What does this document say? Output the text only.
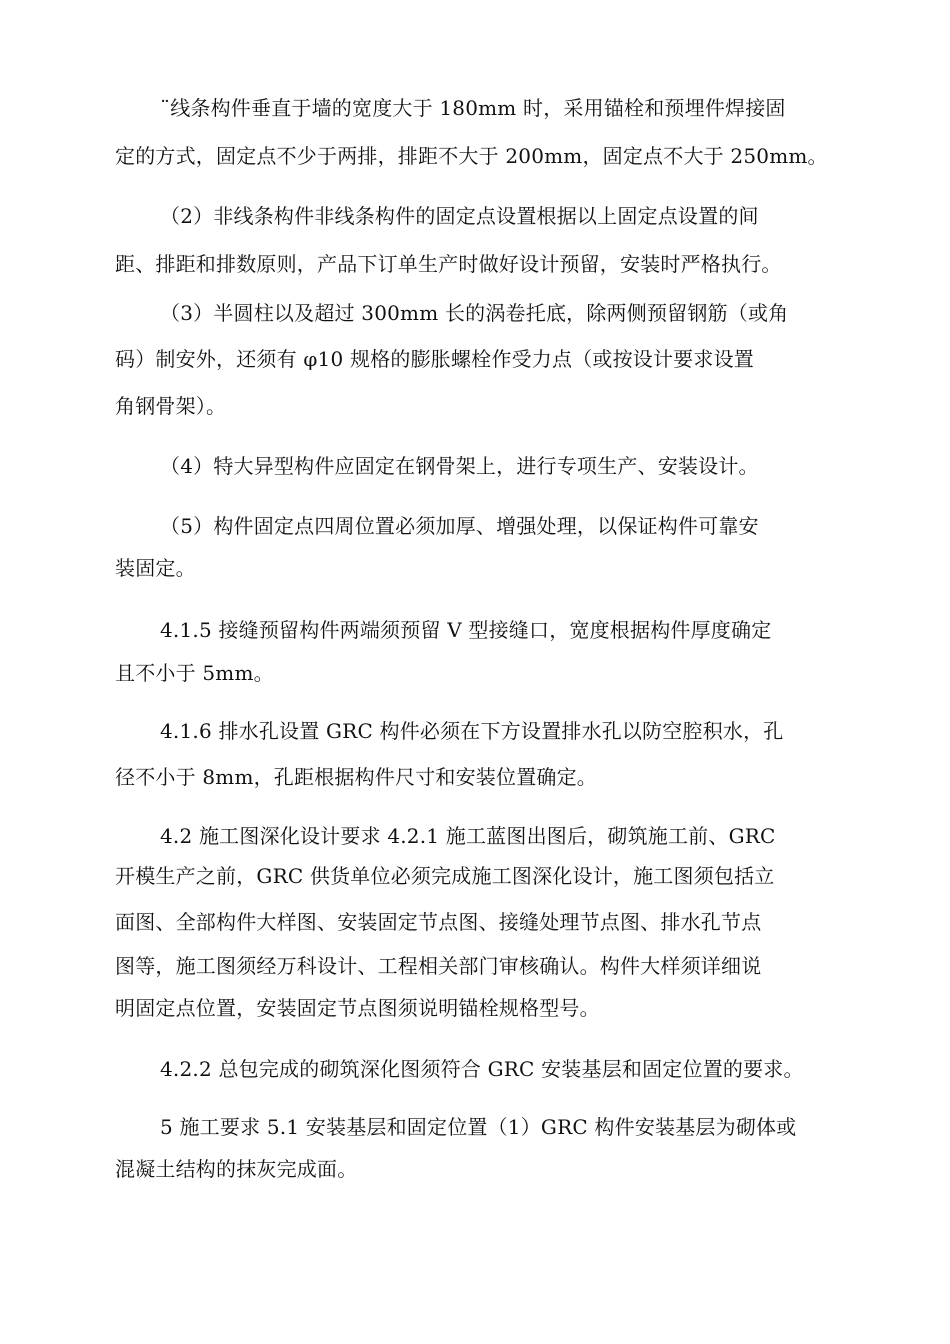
¨线条构件垂直于墙的宽度大于 180mm 时，采用锚栓和预埋件焊接固
定的方式，固定点不少于两排，排距不大于 200mm，固定点不大于 250mm。
（2）非线条构件非线条构件的固定点设置根据以上固定点设置的间
距、排距和排数原则，产品下订单生产时做好设计预留，安装时严格执行。
（3）半圆柱以及超过 300mm 长的涡卷托底，除两侧预留钢筋（或角
码）制安外，还须有 φ10 规格的膨胀螺栓作受力点（或按设计要求设置
角钢骨架）。
（4）特大异型构件应固定在钢骨架上，进行专项生产、安装设计。
（5）构件固定点四周位置必须加厚、增强处理，以保证构件可靠安
装固定。
4.1.5 接缝预留构件两端须预留 V 型接缝口，宽度根据构件厚度确定
且不小于 5mm。
4.1.6 排水孔设置 GRC 构件必须在下方设置排水孔以防空腔积水，孔
径不小于 8mm，孔距根据构件尺寸和安装位置确定。
4.2 施工图深化设计要求 4.2.1 施工蓝图出图后，砌筑施工前、GRC
开模生产之前，GRC 供货单位必须完成施工图深化设计，施工图须包括立
面图、全部构件大样图、安装固定节点图、接缝处理节点图、排水孔节点
图等，施工图须经万科设计、工程相关部门审核确认。构件大样须详细说
明固定点位置，安装固定节点图须说明锚栓规格型号。
4.2.2 总包完成的砌筑深化图须符合 GRC 安装基层和固定位置的要求。
5 施工要求 5.1 安装基层和固定位置（1）GRC 构件安装基层为砌体或
混凝土结构的抹灰完成面。
